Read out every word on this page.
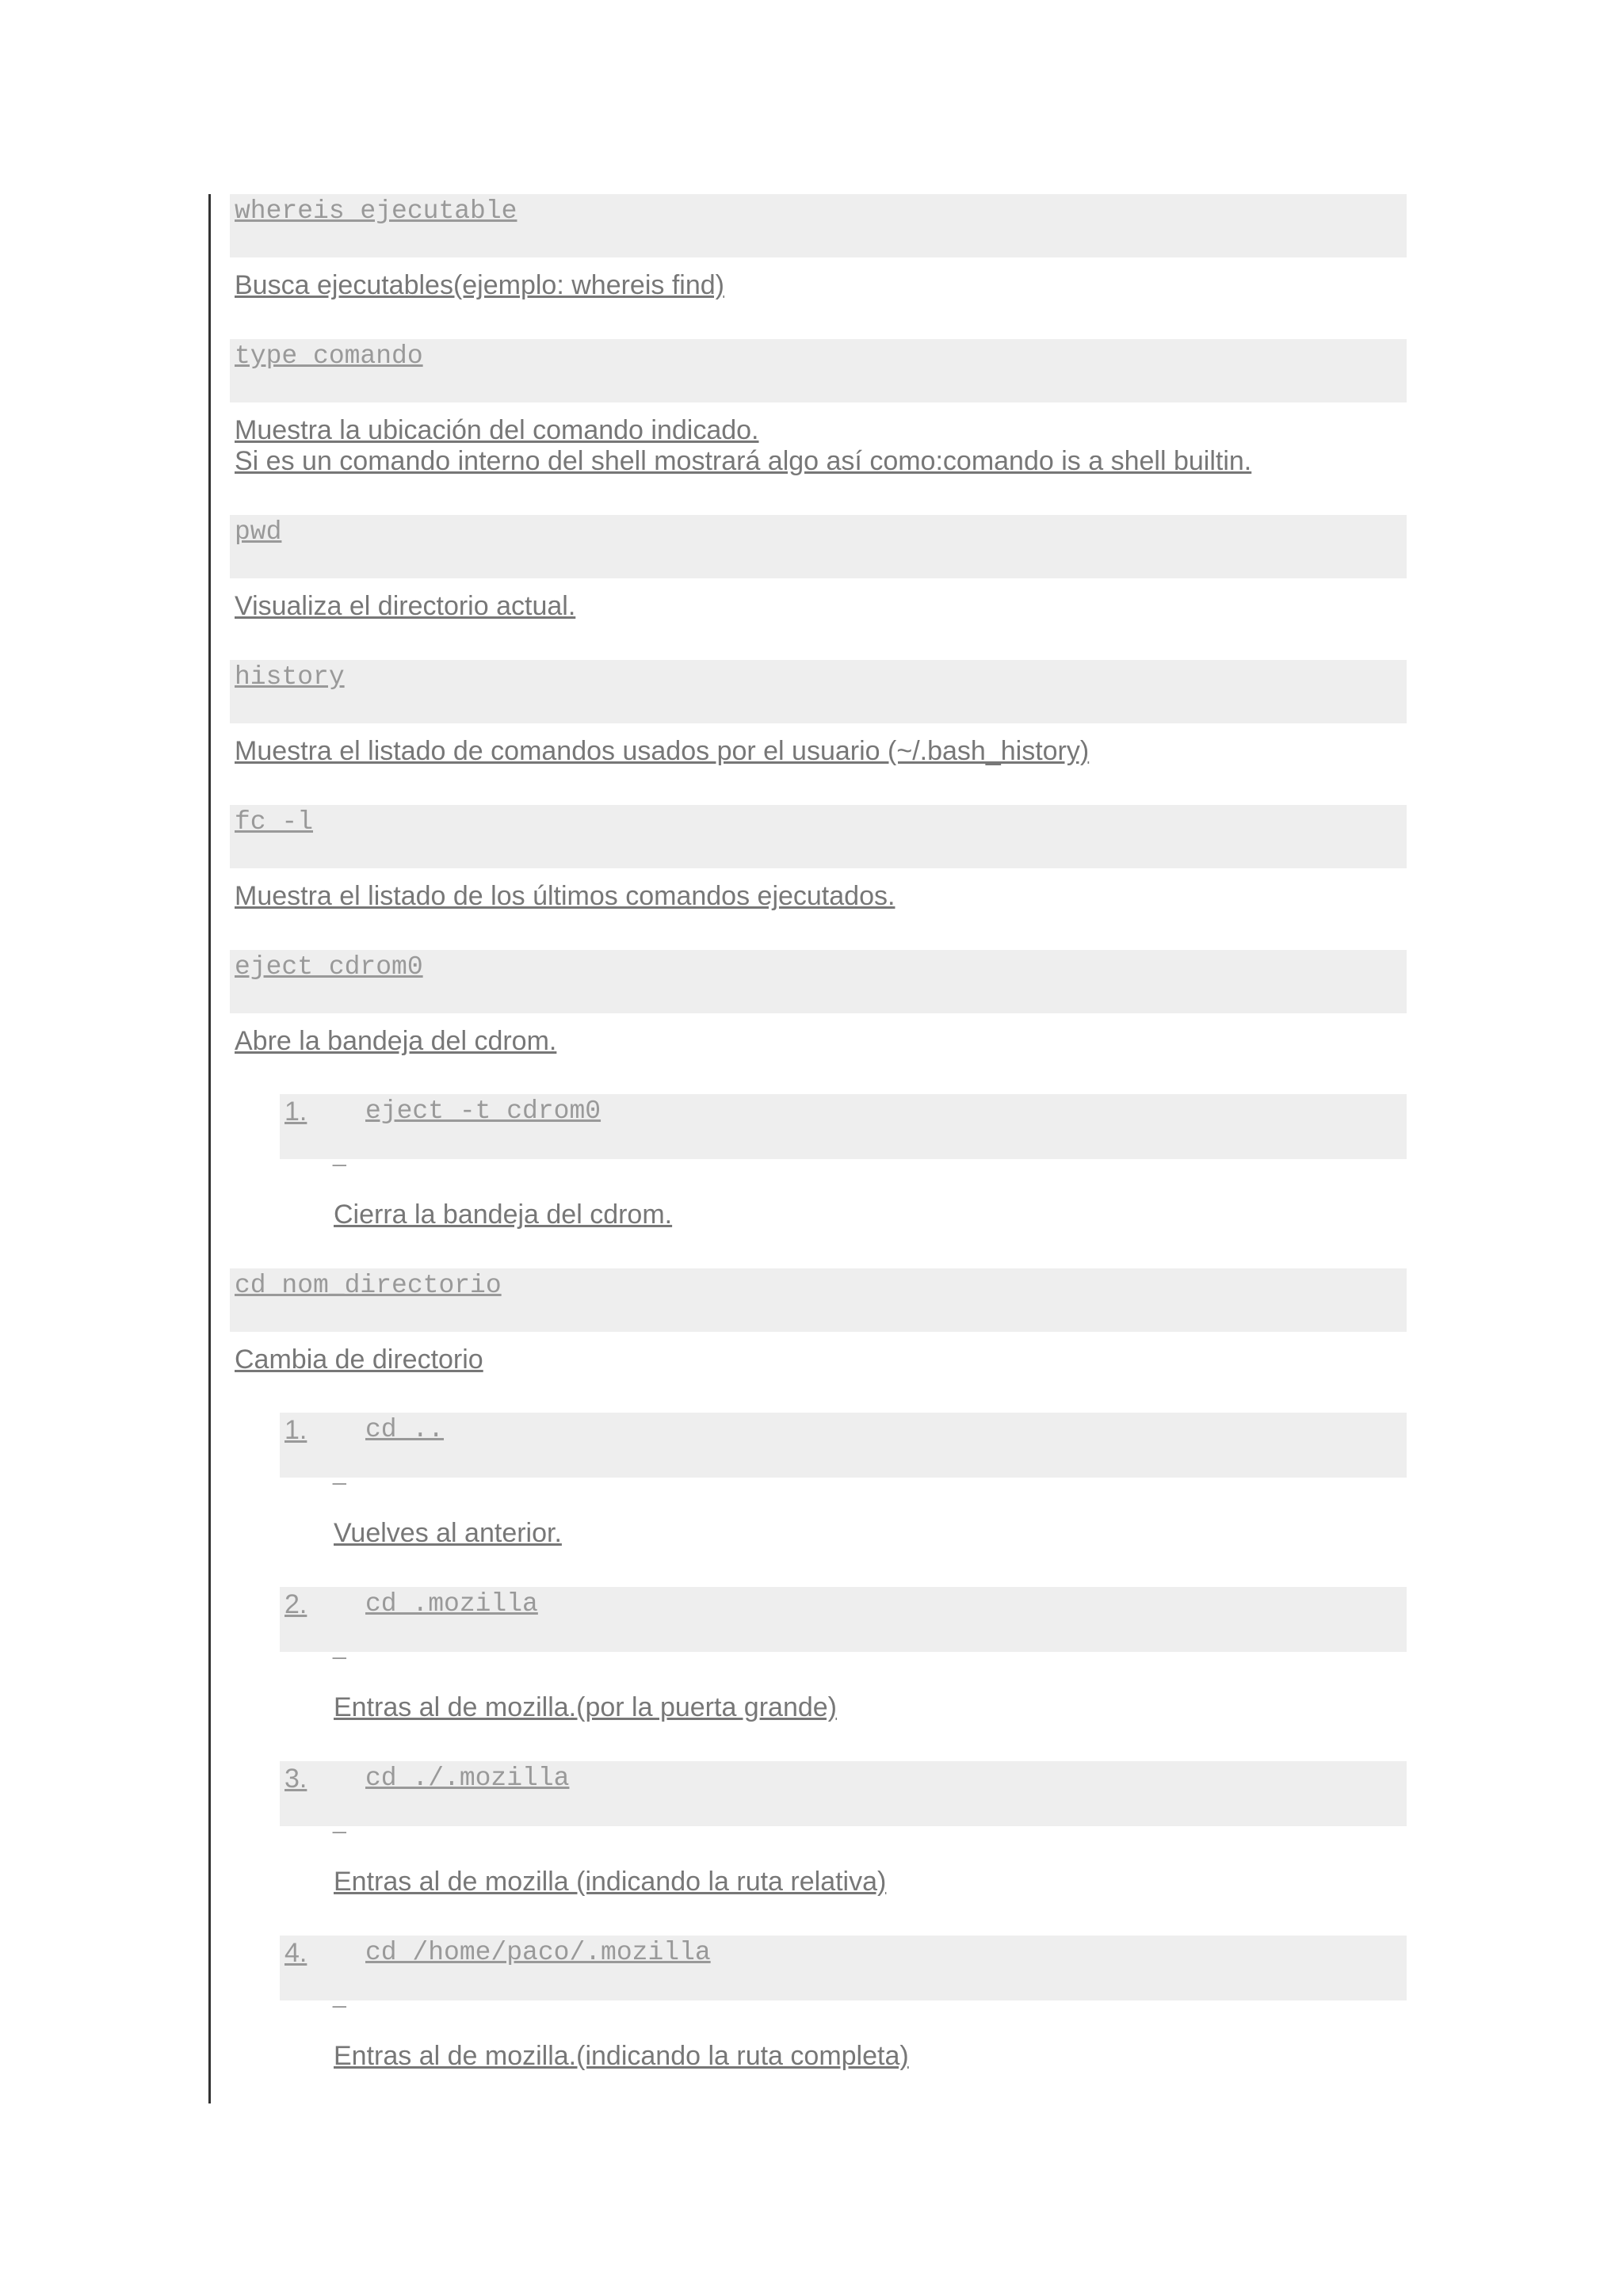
whereis ejecutable
Busca ejecutables(ejemplo: whereis find)
type comando
Muestra la ubicación del comando indicado.
Si es un comando interno del shell mostrará algo así como:comando is a shell builtin.
pwd
Visualiza el directorio actual.
history
Muestra el listado de comandos usados por el usuario (~/.bash_history)
fc -l
Muestra el listado de los últimos comandos ejecutados.
eject cdrom0
Abre la bandeja del cdrom.
1. eject -t cdrom0
_
Cierra la bandeja del cdrom.
cd nom_directorio
Cambia de directorio
1. cd ..
_
Vuelves al anterior.
2. cd .mozilla
_
Entras al de mozilla.(por la puerta grande)
3. cd ./.mozilla
_
Entras al de mozilla (indicando la ruta relativa)
4. cd /home/paco/.mozilla
_
Entras al de mozilla.(indicando la ruta completa)
